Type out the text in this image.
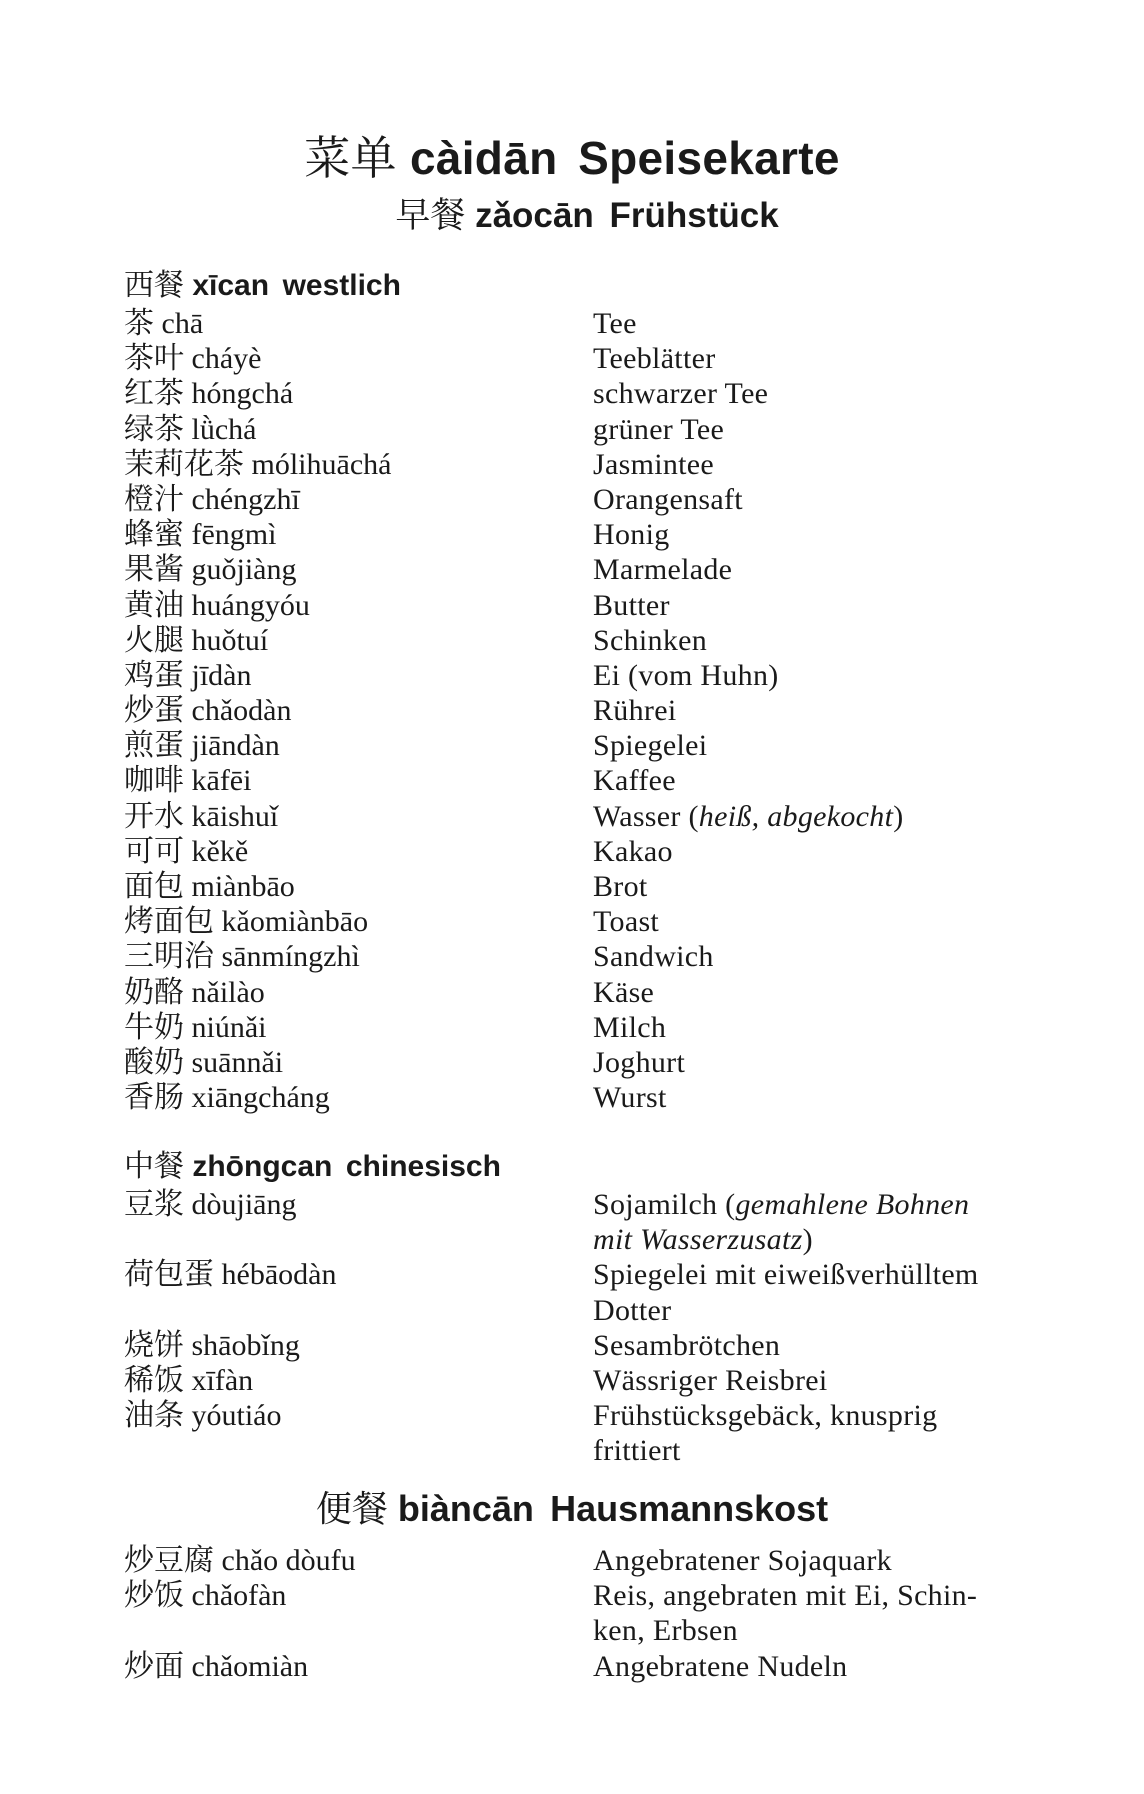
菜单 càidān Speisekarte
早餐 zǎocān Frühstück
西餐 xīcan westlich
茶 chā	Tee
茶叶 cháyè	Teeblätter
红茶 hóngchá	schwarzer Tee
绿茶 lǜchá	grüner Tee
茉莉花茶 mólihuāchá	Jasmintee
橙汁 chéngzhī	Orangensaft
蜂蜜 fēngmì	Honig
果酱 guǒjiàng	Marmelade
黄油 huángyóu	Butter
火腿 huǒtuí	Schinken
鸡蛋 jīdàn	Ei (vom Huhn)
炒蛋 chǎodàn	Rührei
煎蛋 jiāndàn	Spiegelei
咖啡 kāfēi	Kaffee
开水 kāishuǐ	Wasser (heiß, abgekocht)
可可 kěkě	Kakao
面包 miànbāo	Brot
烤面包 kǎomiànbāo	Toast
三明治 sānmíngzhì	Sandwich
奶酪 nǎilào	Käse
牛奶 niúnǎi	Milch
酸奶 suānnǎi	Joghurt
香肠 xiāngcháng	Wurst
中餐 zhōngcan chinesisch
豆浆 dòujiāng	Sojamilch (gemahlene Bohnen
mit Wasserzusatz)
荷包蛋 hébāodàn	Spiegelei mit eiweißverhülltem
Dotter
烧饼 shāobǐng	Sesambrötchen
稀饭 xīfàn	Wässriger Reisbrei
油条 yóutiáo	Frühstücksgebäck, knusprig
frittiert
便餐 biàncān Hausmannskost
炒豆腐 chǎo dòufu	Angebratener Sojaquark
炒饭 chǎofàn	Reis, angebraten mit Ei, Schin-
ken, Erbsen
炒面 chǎomiàn	Angebratene Nudeln
